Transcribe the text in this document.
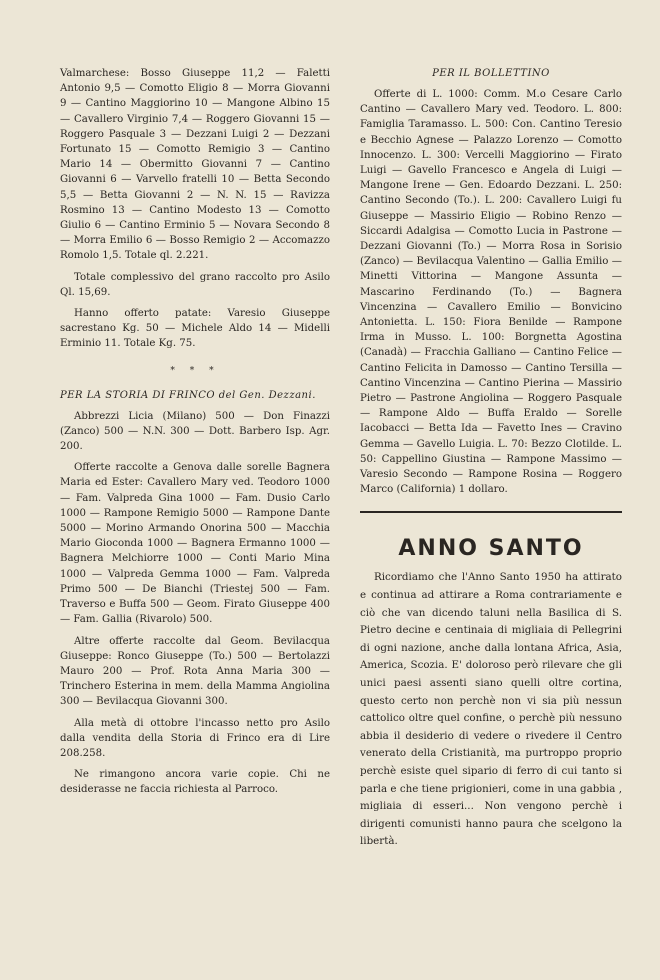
Valmarchese: Bosso Giuseppe 11,2 — Faletti Antonio 9,5 — Comotto Eligio 8 — Morra Giovanni 9 — Cantino Maggiorino 10 — Mangone Albino 15 — Cavallero Virginio 7,4 — Roggero Giovanni 15 — Roggero Pasquale 3 — Dezzani Luigi 2 — Dezzani Fortunato 15 — Comotto Remigio 3 — Cantino Mario 14 — Obermitto Giovanni 7 — Cantino Giovanni 6 — Varvello fratelli 10 — Betta Secondo 5,5 — Betta Giovanni 2 — N. N. 15 — Ravizza Rosmino 13 — Cantino Modesto 13 — Comotto Giulio 6 — Cantino Erminio 5 — Novara Secondo 8 — Morra Emilio 6 — Bosso Remigio 2 — Accomazzo Romolo 1,5. Totale ql. 2.221.

Totale complessivo del grano raccolto pro Asilo Ql. 15,69.

Hanno offerto patate: Varesio Giuseppe sacrestano Kg. 50 — Michele Aldo 14 — Midelli Erminio 11. Totale Kg. 75.

* * *
PER LA STORIA DI FRINCO del Gen. Dezzani.

Abbrezzi Licia (Milano) 500 — Don Finazzi (Zanco) 500 — N.N. 300 — Dott. Barbero Isp. Agr. 200.

Offerte raccolte a Genova dalle sorelle Bagnera Maria ed Ester: Cavallero Mary ved. Teodoro 1000 — Fam. Valpreda Gina 1000 — Fam. Dusio Carlo 1000 — Rampone Remigio 5000 — Rampone Dante 5000 — Morino Armando Onorina 500 — Macchia Mario Gioconda 1000 — Bagnera Ermanno 1000 — Bagnera Melchiorre 1000 — Conti Mario Mina 1000 — Valpreda Gemma 1000 — Fam. Valpreda Primo 500 — De Bianchi (Triestej 500 — Fam. Traverso e Buffa 500 — Geom. Firato Giuseppe 400 — Fam. Gallia (Rivarolo) 500.

Altre offerte raccolte dal Geom. Bevilacqua Giuseppe: Ronco Giuseppe (To.) 500 — Bertolazzi Mauro 200 — Prof. Rota Anna Maria 300 — Trinchero Esterina in mem. della Mamma Angiolina 300 — Bevilacqua Giovanni 300.

Alla metà di ottobre l'incasso netto pro Asilo dalla vendita della Storia di Frinco era di Lire 208.258.

Ne rimangono ancora varie copie. Chi ne desiderasse ne faccia richiesta al Parroco.

PER IL BOLLETTINO

Offerte di L. 1000: Comm. M.o Cesare Carlo Cantino — Cavallero Mary ved. Teodoro. L. 800: Famiglia Taramasso. L. 500: Con. Cantino Teresio e Becchio Agnese — Palazzo Lorenzo — Comotto Innocenzo. L. 300: Vercelli Maggiorino — Firato Luigi — Gavello Francesco e Angela di Luigi — Mangone Irene — Gen. Edoardo Dezzani. L. 250: Cantino Secondo (To.). L. 200: Cavallero Luigi fu Giuseppe — Massirio Eligio — Robino Renzo — Siccardi Adalgisa — Comotto Lucia in Pastrone — Dezzani Giovanni (To.) — Morra Rosa in Sorisio (Zanco) — Bevilacqua Valentino — Gallia Emilio — Minetti Vittorina — Mangone Assunta — Mascarino Ferdinando (To.) — Bagnera Vincenzina — Cavallero Emilio — Bonvicino Antonietta. L. 150: Fiora Benilde — Rampone Irma in Musso. L. 100: Borgnetta Agostina (Canadà) — Fracchia Galliano — Cantino Felice — Cantino Felicita in Damosso — Cantino Tersilla — Cantino Vincenzina — Cantino Pierina — Massirio Pietro — Pastrone Angiolina — Roggero Pasquale — Rampone Aldo — Buffa Eraldo — Sorelle Iacobacci — Betta Ida — Favetto Ines — Cravino Gemma — Gavello Luigia. L. 70: Bezzo Clotilde. L. 50: Cappellino Giustina — Rampone Massimo — Varesio Secondo — Rampone Rosina — Roggero Marco (California) 1 dollaro.

ANNO SANTO

Ricordiamo che l'Anno Santo 1950 ha attirato e continua ad attirare a Roma contrariamente e ciò che van dicendo taluni nella Basilica di S. Pietro decine e centinaia di migliaia di Pellegrini di ogni nazione, anche dalla lontana Africa, Asia, America, Scozia. E' doloroso però rilevare che gli unici paesi assenti siano quelli oltre cortina, questo certo non perchè non vi sia più nessun cattolico oltre quel confine, o perchè più nessuno abbia il desiderio di vedere o rivedere il Centro venerato della Cristianità, ma purtroppo proprio perchè esiste quel sipario di ferro di cui tanto si parla e che tiene prigionieri, come in una gabbia , migliaia di esseri... Non vengono perchè i dirigenti comunisti hanno paura che scelgono la libertà.
